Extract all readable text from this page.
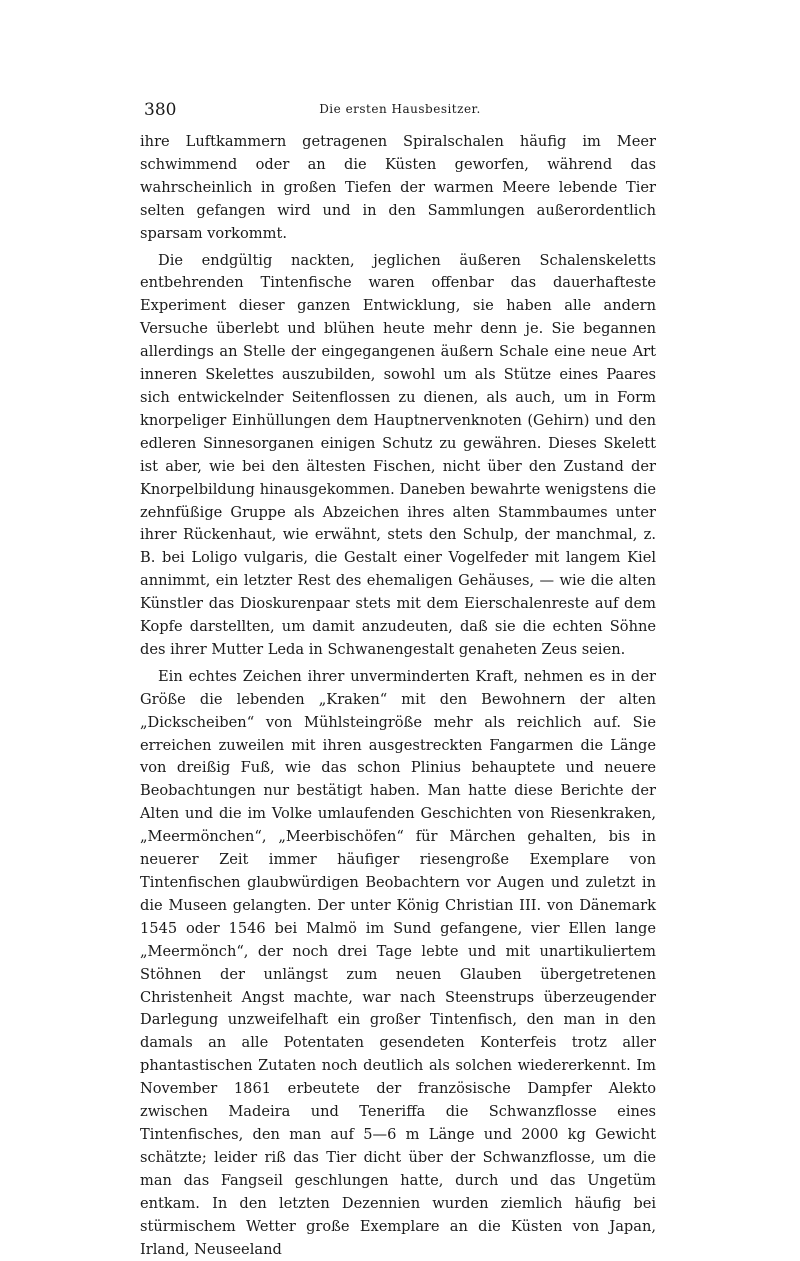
380	Die ersten Hausbesitzer.

ihre Luftkammern getragenen Spiralschalen häufig im Meer schwimmend oder an die Küsten geworfen, während das wahrscheinlich in großen Tiefen der warmen Meere lebende Tier selten gefangen wird und in den Sammlungen außerordentlich sparsam vorkommt.

Die endgültig nackten, jeglichen äußeren Schalenskeletts entbehrenden Tintenfische waren offenbar das dauerhafteste Experiment dieser ganzen Entwicklung, sie haben alle andern Versuche überlebt und blühen heute mehr denn je. Sie begannen allerdings an Stelle der eingegangenen äußern Schale eine neue Art inneren Skelettes auszubilden, sowohl um als Stütze eines Paares sich entwickelnder Seitenflossen zu dienen, als auch, um in Form knorpeliger Einhüllungen dem Hauptnervenknoten (Gehirn) und den edleren Sinnesorganen einigen Schutz zu gewähren. Dieses Skelett ist aber, wie bei den ältesten Fischen, nicht über den Zustand der Knorpelbildung hinausgekommen. Daneben bewahrte wenigstens die zehnfüßige Gruppe als Abzeichen ihres alten Stammbaumes unter ihrer Rückenhaut, wie erwähnt, stets den Schulp, der manchmal, z. B. bei Loligo vulgaris, die Gestalt einer Vogelfeder mit langem Kiel annimmt, ein letzter Rest des ehemaligen Gehäuses, — wie die alten Künstler das Dioskurenpaar stets mit dem Eierschalenreste auf dem Kopfe darstellten, um damit anzudeuten, daß sie die echten Söhne des ihrer Mutter Leda in Schwanengestalt genaheten Zeus seien.

Ein echtes Zeichen ihrer unverminderten Kraft, nehmen es in der Größe die lebenden „Kraken“ mit den Bewohnern der alten „Dickscheiben“ von Mühlsteingröße mehr als reichlich auf. Sie erreichen zuweilen mit ihren ausgestreckten Fangarmen die Länge von dreißig Fuß, wie das schon Plinius behauptete und neuere Beobachtungen nur bestätigt haben. Man hatte diese Berichte der Alten und die im Volke umlaufenden Geschichten von Riesenkraken, „Meermönchen“, „Meerbischöfen“ für Märchen gehalten, bis in neuerer Zeit immer häufiger riesengroße Exemplare von Tintenfischen glaubwürdigen Beobachtern vor Augen und zuletzt in die Museen gelangten. Der unter König Christian III. von Dänemark 1545 oder 1546 bei Malmö im Sund gefangene, vier Ellen lange „Meermönch“, der noch drei Tage lebte und mit unartikuliertem Stöhnen der unlängst zum neuen Glauben übergetretenen Christenheit Angst machte, war nach Steenstrups überzeugender Darlegung unzweifelhaft ein großer Tintenfisch, den man in den damals an alle Potentaten gesendeten Konterfeis trotz aller phantastischen Zutaten noch deutlich als solchen wiedererkennt. Im November 1861 erbeutete der französische Dampfer Alekto zwischen Madeira und Teneriffa die Schwanzflosse eines Tintenfisches, den man auf 5—6 m Länge und 2000 kg Gewicht schätzte; leider riß das Tier dicht über der Schwanzflosse, um die man das Fangseil geschlungen hatte, durch und das Ungetüm entkam. In den letzten Dezennien wurden ziemlich häufig bei stürmischem Wetter große Exemplare an die Küsten von Japan, Irland, Neuseeland
